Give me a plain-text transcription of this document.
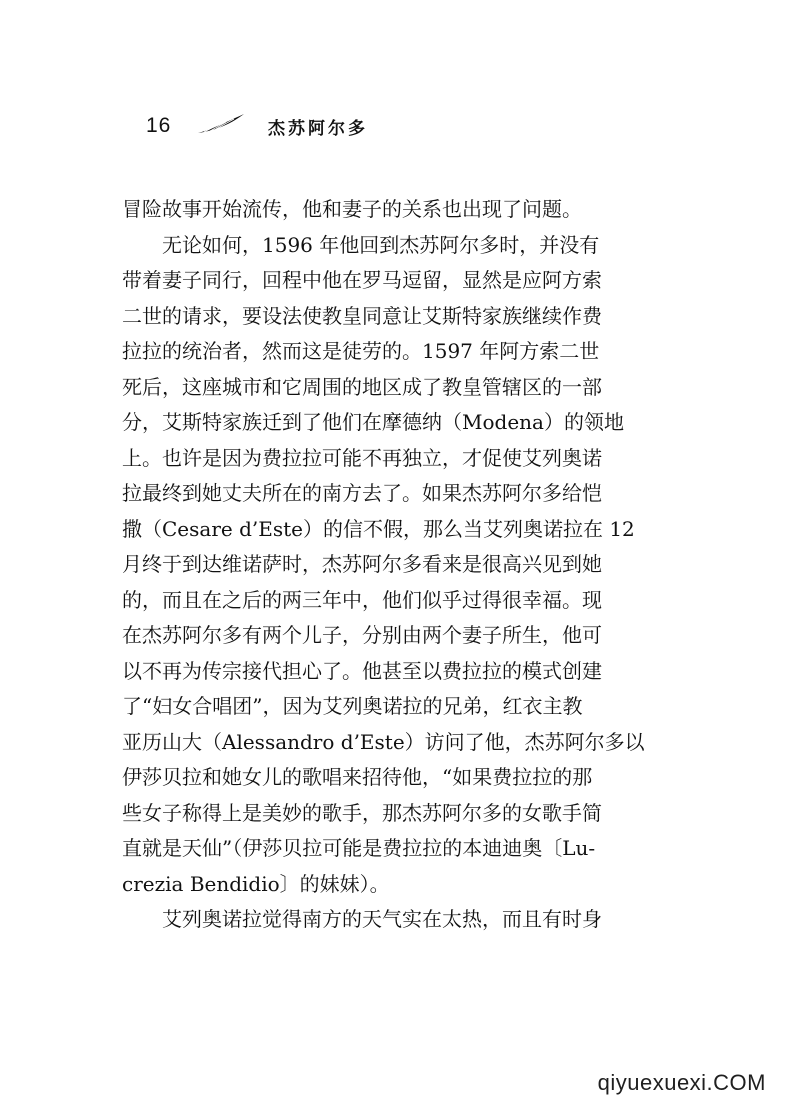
16	杰苏阿尔多
冒险故事开始流传，他和妻子的关系也出现了问题。
无论如何，1596 年他回到杰苏阿尔多时，并没有
带着妻子同行，回程中他在罗马逗留，显然是应阿方索
二世的请求，要设法使教皇同意让艾斯特家族继续作费
拉拉的统治者，然而这是徒劳的。1597 年阿方索二世
死后，这座城市和它周围的地区成了教皇管辖区的一部
分，艾斯特家族迁到了他们在摩德纳（Modena）的领地
上。也许是因为费拉拉可能不再独立，才促使艾列奥诺
拉最终到她丈夫所在的南方去了。如果杰苏阿尔多给恺
撒（Cesare d’Este）的信不假，那么当艾列奥诺拉在 12
月终于到达维诺萨时，杰苏阿尔多看来是很高兴见到她
的，而且在之后的两三年中，他们似乎过得很幸福。现
在杰苏阿尔多有两个儿子，分别由两个妻子所生，他可
以不再为传宗接代担心了。他甚至以费拉拉的模式创建
了“妇女合唱团”，因为艾列奥诺拉的兄弟，红衣主教
亚历山大（Alessandro d’Este）访问了他，杰苏阿尔多以
伊莎贝拉和她女儿的歌唱来招待他，“如果费拉拉的那
些女子称得上是美妙的歌手，那杰苏阿尔多的女歌手简
直就是天仙”（伊莎贝拉可能是费拉拉的本迪迪奥〔Lu-
crezia Bendidio〕的妹妹）。
艾列奥诺拉觉得南方的天气实在太热，而且有时身
qiyuexuexi.COM
